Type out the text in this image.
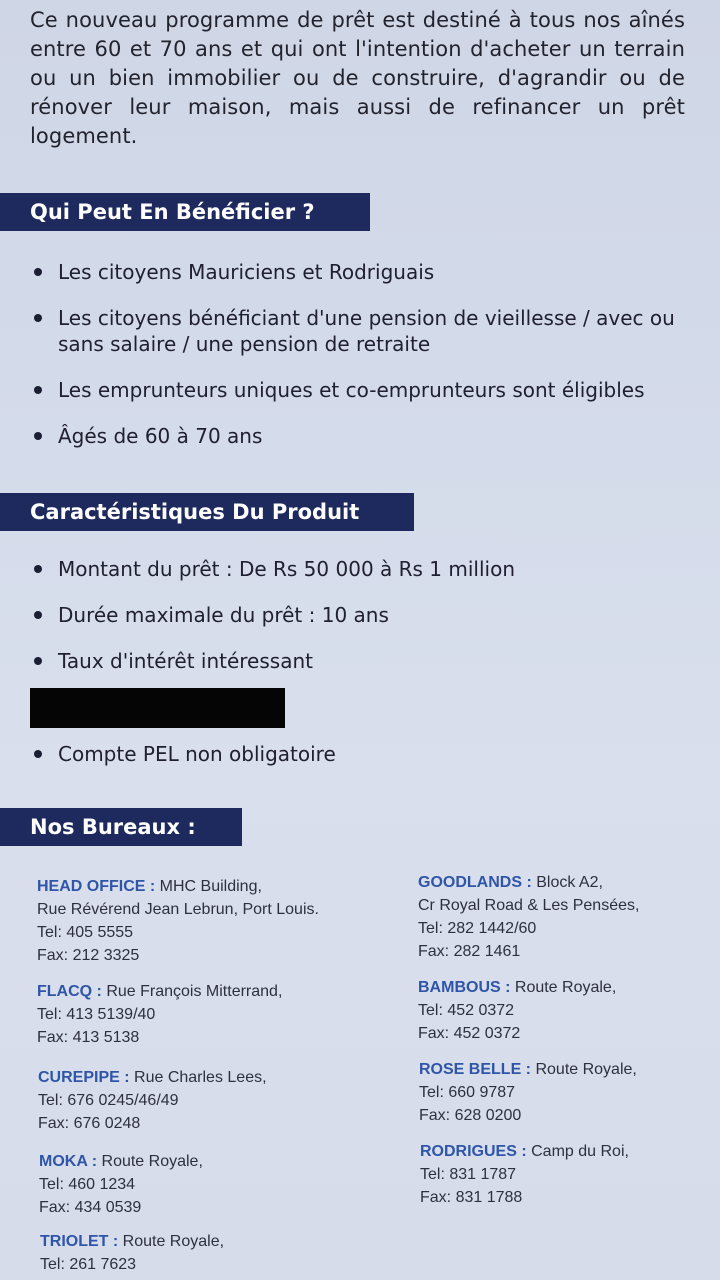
Ce nouveau programme de prêt est destiné à tous nos aînés entre 60 et 70 ans et qui ont l'intention d'acheter un terrain ou un bien immobilier ou de construire, d'agrandir ou de rénover leur maison, mais aussi de refinancer un prêt logement.
Qui Peut En Bénéficier ?
Les citoyens Mauriciens et Rodriguais
Les citoyens bénéficiant d'une pension de vieillesse / avec ou sans salaire / une pension de retraite
Les emprunteurs uniques et co-emprunteurs sont éligibles
Âgés de 60 à 70 ans
Caractéristiques Du Produit
Montant du prêt : De Rs 50 000 à Rs 1 million
Durée maximale du prêt : 10 ans
Taux d'intérêt intéressant
Compte PEL non obligatoire
Nos Bureaux :
HEAD OFFICE : MHC Building,
Rue Révérend Jean Lebrun, Port Louis.
Tel: 405 5555
Fax: 212 3325
FLACQ : Rue François Mitterrand,
Tel: 413 5139/40
Fax: 413 5138
CUREPIPE : Rue Charles Lees,
Tel: 676 0245/46/49
Fax: 676 0248
MOKA : Route Royale,
Tel: 460 1234
Fax: 434 0539
TRIOLET : Route Royale,
Tel: 261 7623
GOODLANDS : Block A2,
Cr Royal Road & Les Pensées,
Tel: 282 1442/60
Fax: 282 1461
BAMBOUS : Route Royale,
Tel: 452 0372
Fax: 452 0372
ROSE BELLE : Route Royale,
Tel: 660 9787
Fax: 628 0200
RODRIGUES : Camp du Roi,
Tel: 831 1787
Fax: 831 1788
